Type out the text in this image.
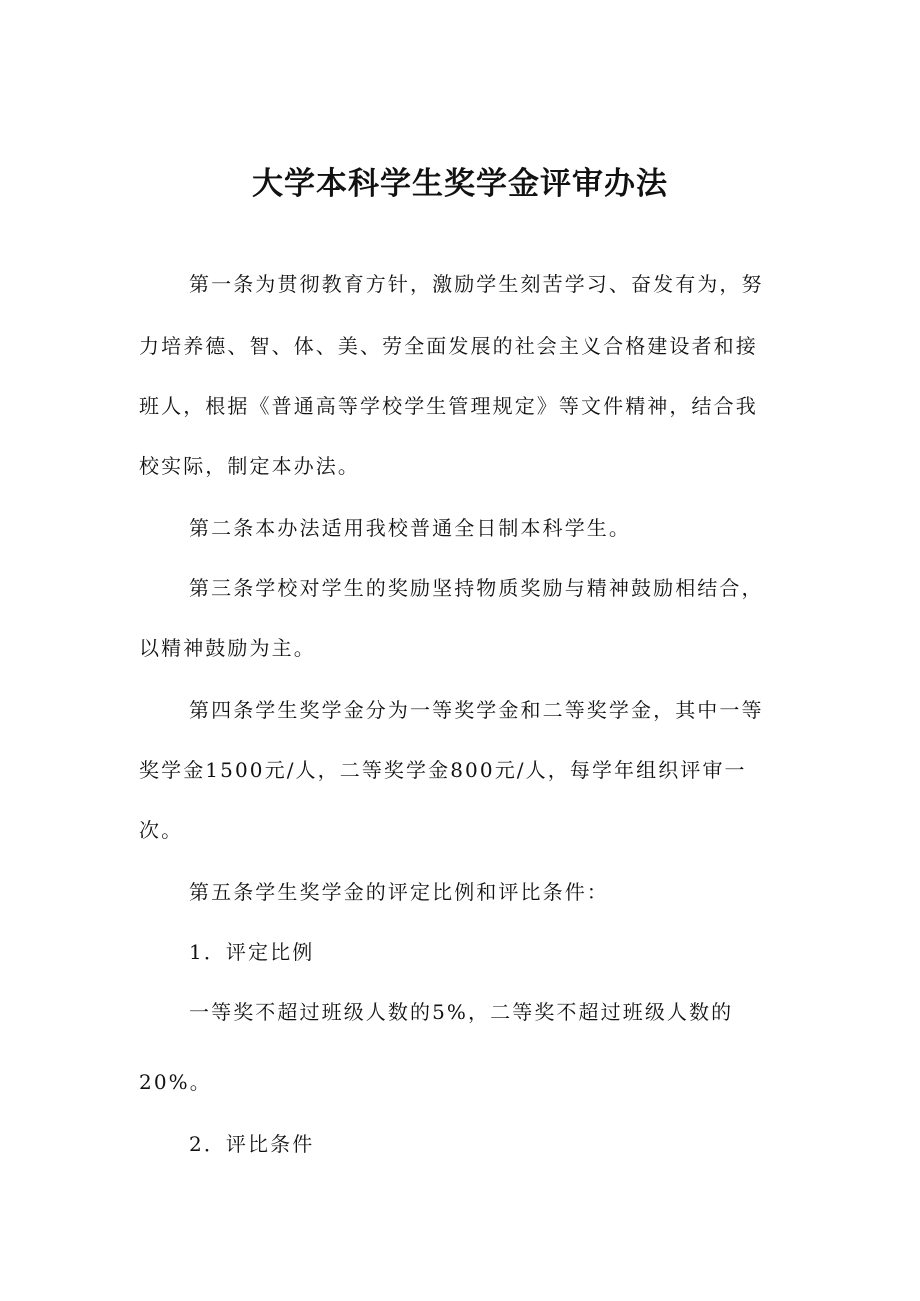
大学本科学生奖学金评审办法
第一条为贯彻教育方针，激励学生刻苦学习、奋发有为，努
力培养德、智、体、美、劳全面发展的社会主义合格建设者和接
班人，根据《普通高等学校学生管理规定》等文件精神，结合我
校实际，制定本办法。
第二条本办法适用我校普通全日制本科学生。
第三条学校对学生的奖励坚持物质奖励与精神鼓励相结合，
以精神鼓励为主。
第四条学生奖学金分为一等奖学金和二等奖学金，其中一等
奖学金1500元/人，二等奖学金800元/人，每学年组织评审一
次。
第五条学生奖学金的评定比例和评比条件：
1．评定比例
一等奖不超过班级人数的5%，二等奖不超过班级人数的
20%。
2．评比条件
